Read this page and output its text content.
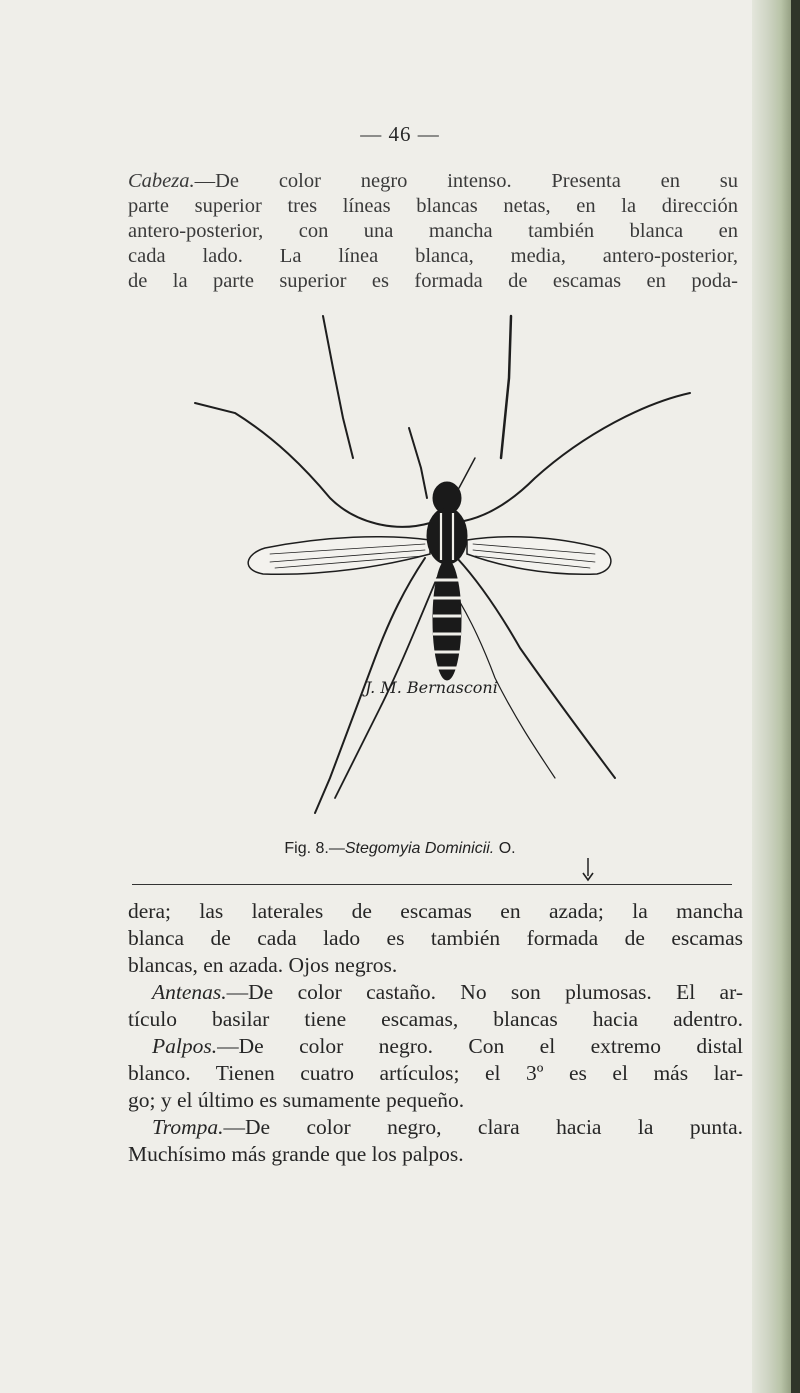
— 46 —
Cabeza.—De color negro intenso. Presenta en su
parte superior tres líneas blancas netas, en la dirección
antero-posterior, con una mancha también blanca en
cada lado. La línea blanca, media, antero-posterior,
de la parte superior es formada de escamas en poda-
J. M. Bernasconi
Fig. 8.—Stegomyia Dominicii. O.
dera; las laterales de escamas en azada; la mancha
blanca de cada lado es también formada de escamas
blancas, en azada. Ojos negros.
Antenas.—De color castaño. No son plumosas. El ar-
tículo basilar tiene escamas, blancas hacia adentro.
Palpos.—De color negro. Con el extremo distal
blanco. Tienen cuatro artículos; el 3º es el más lar-
go; y el último es sumamente pequeño.
Trompa.—De color negro, clara hacia la punta.
Muchísimo más grande que los palpos.
